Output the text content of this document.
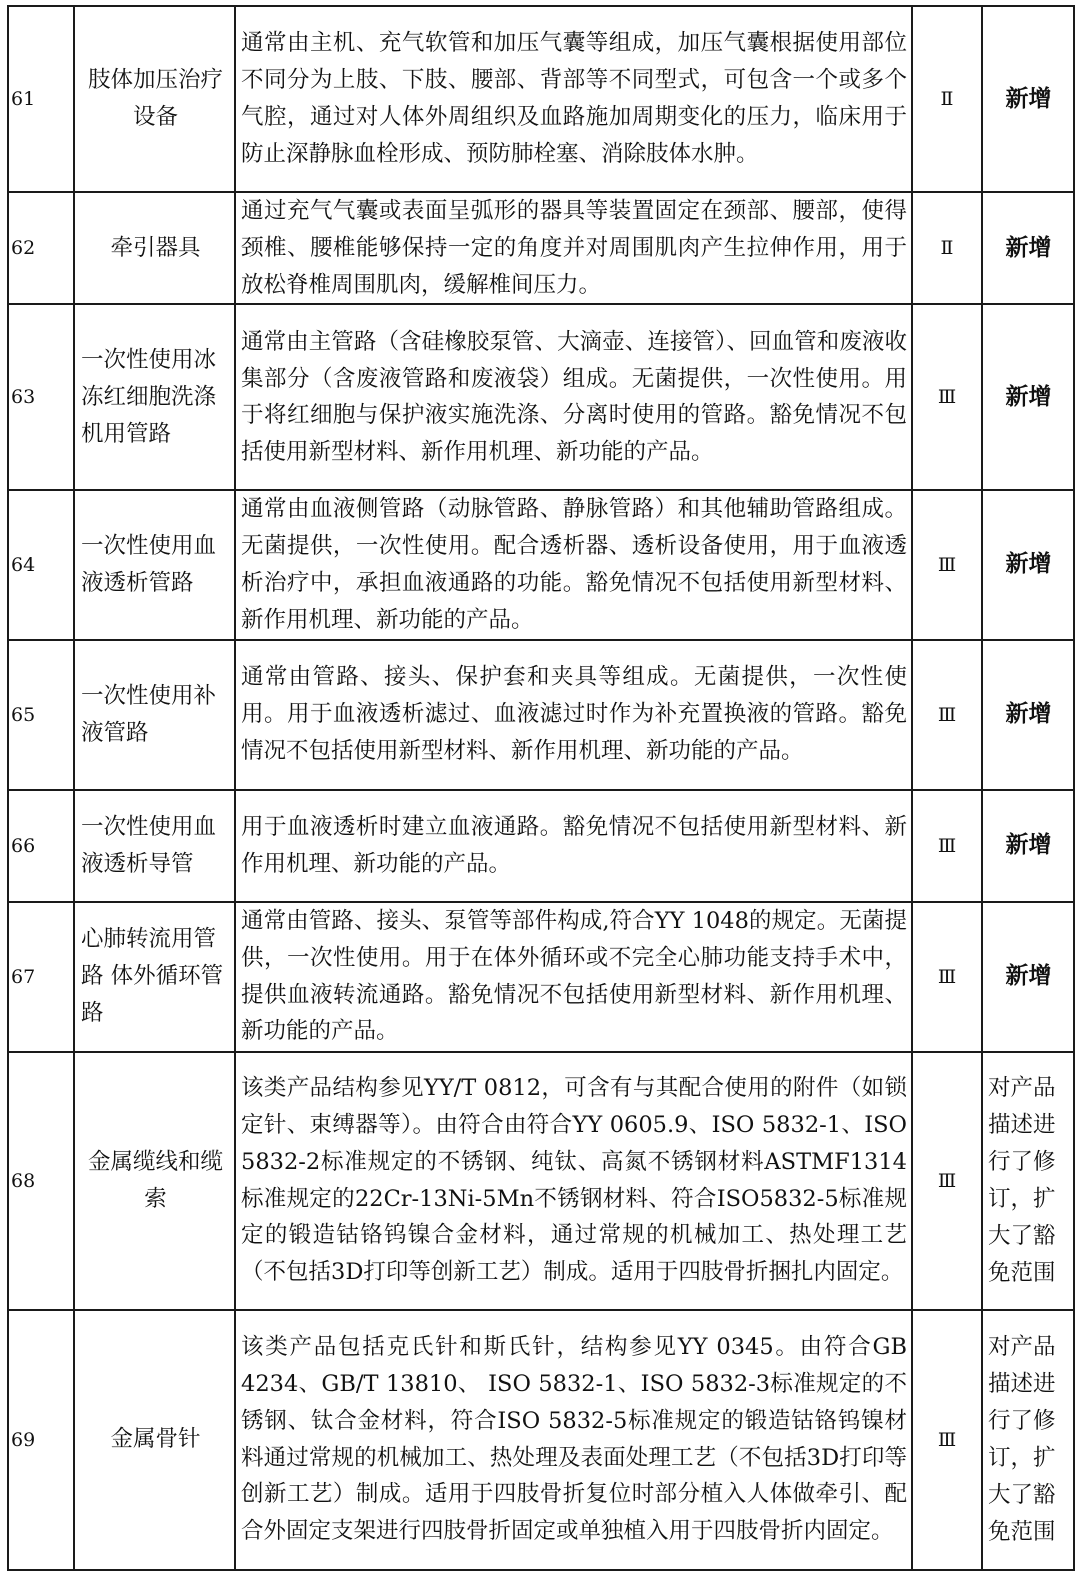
61	肢体加压治疗设备	通常由主机、充气软管和加压气囊等组成，加压气囊根据使用部位不同分为上肢、下肢、腰部、背部等不同型式，可包含一个或多个气腔，通过对人体外周组织及血路施加周期变化的压力，临床用于防止深静脉血栓形成、预防肺栓塞、消除肢体水肿。	Ⅱ	新增
62	牵引器具	通过充气气囊或表面呈弧形的器具等装置固定在颈部、腰部，使得颈椎、腰椎能够保持一定的角度并对周围肌肉产生拉伸作用，用于放松脊椎周围肌肉，缓解椎间压力。	Ⅱ	新增
63	一次性使用冰冻红细胞洗涤机用管路	通常由主管路（含硅橡胶泵管、大滴壶、连接管）、回血管和废液收集部分（含废液管路和废液袋）组成。无菌提供，一次性使用。用于将红细胞与保护液实施洗涤、分离时使用的管路。豁免情况不包括使用新型材料、新作用机理、新功能的产品。	Ⅲ	新增
64	一次性使用血液透析管路	通常由血液侧管路（动脉管路、静脉管路）和其他辅助管路组成。无菌提供，一次性使用。配合透析器、透析设备使用，用于血液透析治疗中，承担血液通路的功能。豁免情况不包括使用新型材料、新作用机理、新功能的产品。	Ⅲ	新增
65	一次性使用补液管路	通常由管路、接头、保护套和夹具等组成。无菌提供，一次性使用。用于血液透析滤过、血液滤过时作为补充置换液的管路。豁免情况不包括使用新型材料、新作用机理、新功能的产品。	Ⅲ	新增
66	一次性使用血液透析导管	用于血液透析时建立血液通路。豁免情况不包括使用新型材料、新作用机理、新功能的产品。	Ⅲ	新增
67	心肺转流用管路 体外循环管路	通常由管路、接头、泵管等部件构成,符合YY 1048的规定。无菌提供，一次性使用。用于在体外循环或不完全心肺功能支持手术中，提供血液转流通路。豁免情况不包括使用新型材料、新作用机理、新功能的产品。	Ⅲ	新增
68	金属缆线和缆索	该类产品结构参见YY/T 0812，可含有与其配合使用的附件（如锁定针、束缚器等）。由符合由符合YY 0605.9、ISO 5832-1、ISO 5832-2标准规定的不锈钢、纯钛、高氮不锈钢材料ASTMF1314标准规定的22Cr-13Ni-5Mn不锈钢材料、符合ISO5832-5标准规定的锻造钴铬钨镍合金材料，通过常规的机械加工、热处理工艺（不包括3D打印等创新工艺）制成。适用于四肢骨折捆扎内固定。	Ⅲ	对产品描述进行了修订，扩大了豁免范围
69	金属骨针	该类产品包括克氏针和斯氏针，结构参见YY 0345。由符合GB 4234、GB/T 13810、 ISO 5832-1、ISO 5832-3标准规定的不锈钢、钛合金材料，符合ISO 5832-5标准规定的锻造钴铬钨镍材料通过常规的机械加工、热处理及表面处理工艺（不包括3D打印等创新工艺）制成。适用于四肢骨折复位时部分植入人体做牵引、配合外固定支架进行四肢骨折固定或单独植入用于四肢骨折内固定。	Ⅲ	对产品描述进行了修订，扩大了豁免范围
